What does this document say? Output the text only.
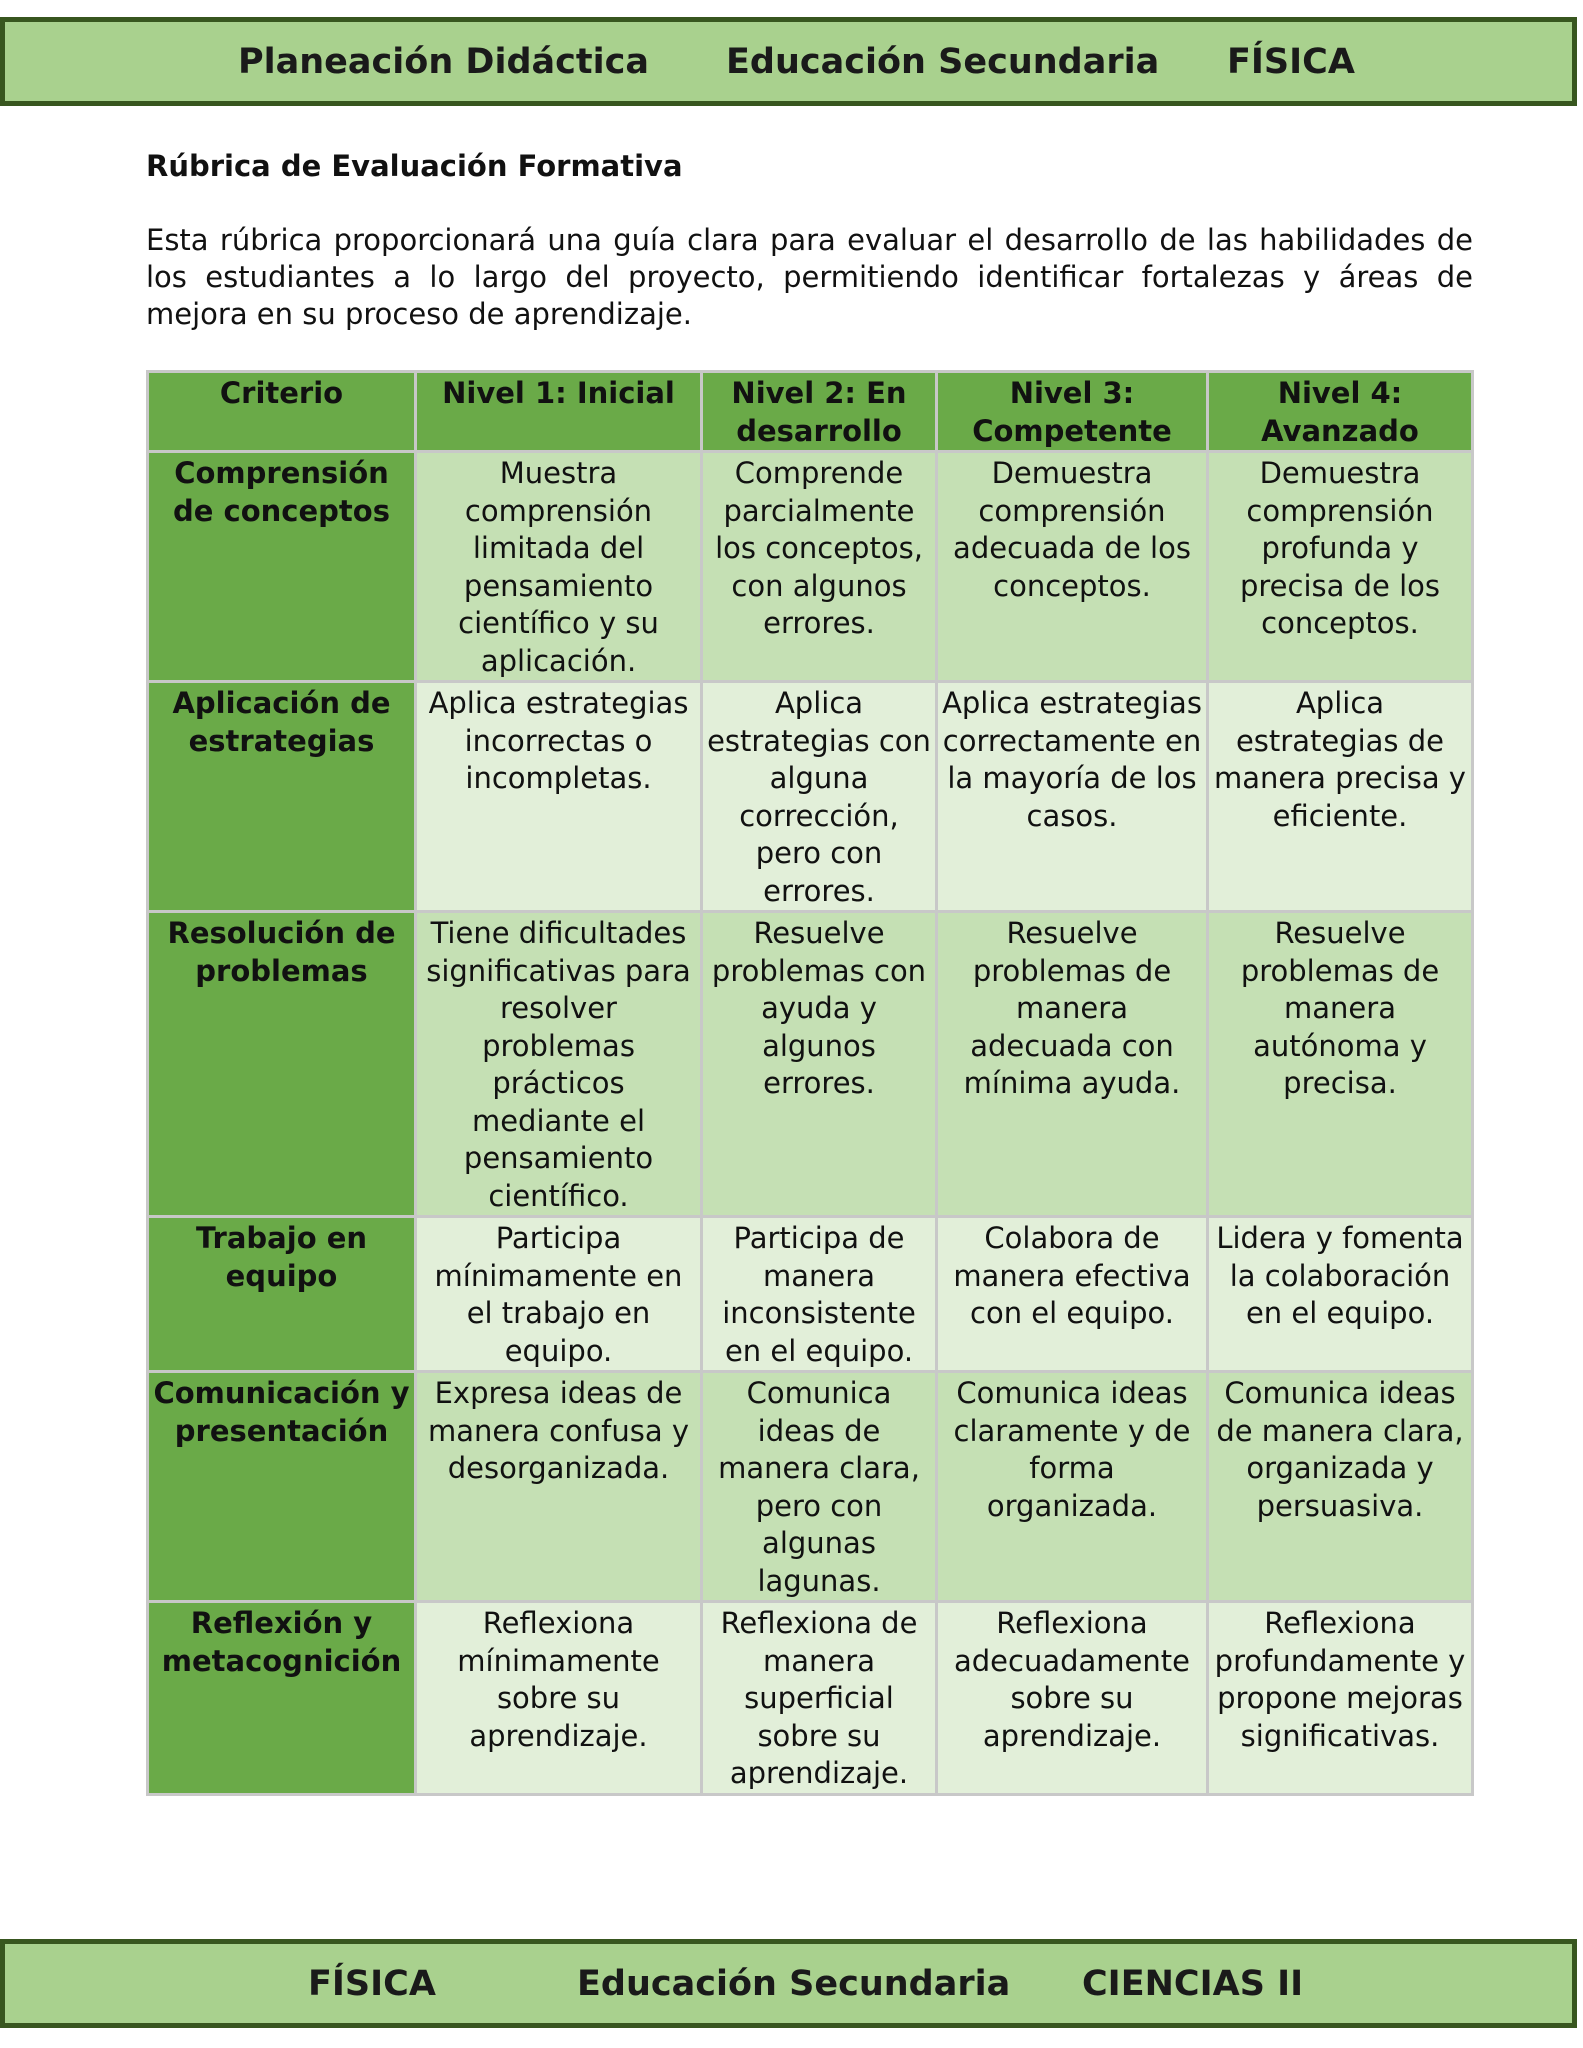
Planeación Didáctica Educación Secundaria FÍSICA
Rúbrica de Evaluación Formativa

Esta rúbrica proporcionará una guía clara para evaluar el desarrollo de las habilidades de los estudiantes a lo largo del proyecto, permitiendo identificar fortalezas y áreas de mejora en su proceso de aprendizaje.

Criterio	Nivel 1: Inicial	Nivel 2: En desarrollo	Nivel 3: Competente	Nivel 4: Avanzado
Comprensión de conceptos	Muestra comprensión limitada del pensamiento científico y su aplicación.	Comprende parcialmente los conceptos, con algunos errores.	Demuestra comprensión adecuada de los conceptos.	Demuestra comprensión profunda y precisa de los conceptos.
Aplicación de estrategias	Aplica estrategias incorrectas o incompletas.	Aplica estrategias con alguna corrección, pero con errores.	Aplica estrategias correctamente en la mayoría de los casos.	Aplica estrategias de manera precisa y eficiente.
Resolución de problemas	Tiene dificultades significativas para resolver problemas prácticos mediante el pensamiento científico.	Resuelve problemas con ayuda y algunos errores.	Resuelve problemas de manera adecuada con mínima ayuda.	Resuelve problemas de manera autónoma y precisa.
Trabajo en equipo	Participa mínimamente en el trabajo en equipo.	Participa de manera inconsistente en el equipo.	Colabora de manera efectiva con el equipo.	Lidera y fomenta la colaboración en el equipo.
Comunicación y presentación	Expresa ideas de manera confusa y desorganizada.	Comunica ideas de manera clara, pero con algunas lagunas.	Comunica ideas claramente y de forma organizada.	Comunica ideas de manera clara, organizada y persuasiva.
Reflexión y metacognición	Reflexiona mínimamente sobre su aprendizaje.	Reflexiona de manera superficial sobre su aprendizaje.	Reflexiona adecuadamente sobre su aprendizaje.	Reflexiona profundamente y propone mejoras significativas.
FÍSICA	Educación Secundaria CIENCIAS II
